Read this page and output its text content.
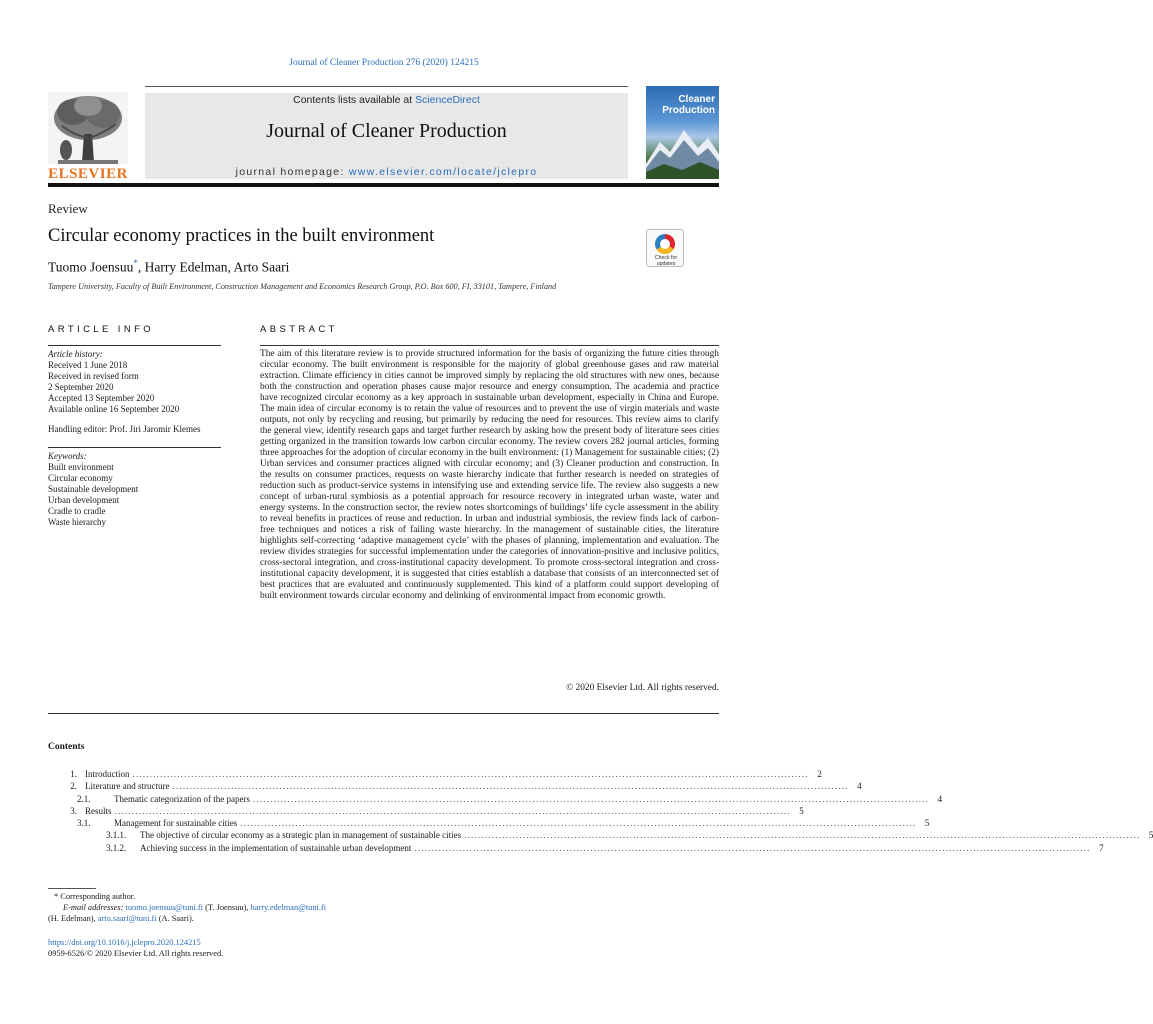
Journal of Cleaner Production 276 (2020) 124215
ELSEVIER
Contents lists available at ScienceDirect
Journal of Cleaner Production
journal homepage: www.elsevier.com/locate/jclepro
Cleaner
Production
Review
Circular economy practices in the built environment
Tuomo Joensuu*, Harry Edelman, Arto Saari
Tampere University, Faculty of Built Environment, Construction Management and Economics Research Group, P.O. Box 600, FI, 33101, Tampere, Finland
Check for
updates
ARTICLE INFO	ABSTRACT
Article history:
Received 1 June 2018
Received in revised form
2 September 2020
Accepted 13 September 2020
Available online 16 September 2020
Handling editor: Prof. Jiri Jaromir Klemes
Keywords:
Built environment
Circular economy
Sustainable development
Urban development
Cradle to cradle
Waste hierarchy
The aim of this literature review is to provide structured information for the basis of organizing the future cities through circular economy. The built environment is responsible for the majority of global greenhouse gases and raw material extraction. Climate efficiency in cities cannot be improved simply by replacing the old structures with new ones, because both the construction and operation phases cause major resource and energy consumption. The academia and practice have recognized circular economy as a key approach in sustainable urban development, especially in China and Europe. The main idea of circular economy is to retain the value of resources and to prevent the use of virgin materials and waste outputs, not only by recycling and reusing, but primarily by reducing the need for resources. This review aims to clarify the general view, identify research gaps and target further research by asking how the present body of literature sees cities getting organized in the transition towards low carbon circular economy. The review covers 282 journal articles, forming three approaches for the adoption of circular economy in the built environment: (1) Management for sustainable cities; (2) Urban services and consumer practices aligned with circular economy; and (3) Cleaner production and construction. In the results on consumer practices, requests on waste hierarchy indicate that further research is needed on strategies of reduction such as product-service systems in intensifying use and extending service life. The review also suggests a new concept of urban-rural symbiosis as a potential approach for resource recovery in integrated urban waste, water and energy systems. In the construction sector, the review notes shortcomings of buildings’ life cycle assessment in the ability to reveal benefits in practices of reuse and reduction. In urban and industrial symbiosis, the review finds lack of carbon-free techniques and notices a risk of failing waste hierarchy. In the management of sustainable cities, the literature highlights self-correcting ‘adaptive management cycle’ with the phases of planning, implementation and evaluation. The review divides strategies for successful implementation under the categories of innovation-positive and inclusive politics, cross-sectoral integration, and cross-institutional capacity development. To promote cross-sectoral integration and cross-institutional capacity development, it is suggested that cities establish a database that consists of an interconnected set of best practices that are evaluated and continuously supplemented. This kind of a platform could support developing of built environment towards circular economy and delinking of environmental impact from economic growth.
© 2020 Elsevier Ltd. All rights reserved.
Contents
1. Introduction .................................................................................................................................................................................................... 2
2. Literature and structure .................................................................................................................................................................................................... 4
2.1.	Thematic categorization of the papers .................................................................................................................................................................................................... 4
3. Results .................................................................................................................................................................................................... 5
3.1.	Management for sustainable cities .................................................................................................................................................................................................... 5
3.1.1.	The objective of circular economy as a strategic plan in management of sustainable cities .................................................................................................................................................................................................... 5
3.1.2.	Achieving success in the implementation of sustainable urban development .................................................................................................................................................................................................... 7
* Corresponding author.
E-mail addresses: tuomo.joensuu@tuni.fi (T. Joensuu), harry.edelman@tuni.fi
(H. Edelman), arto.saari@tuni.fi (A. Saari).
https://doi.org/10.1016/j.jclepro.2020.124215
0959-6526/© 2020 Elsevier Ltd. All rights reserved.
